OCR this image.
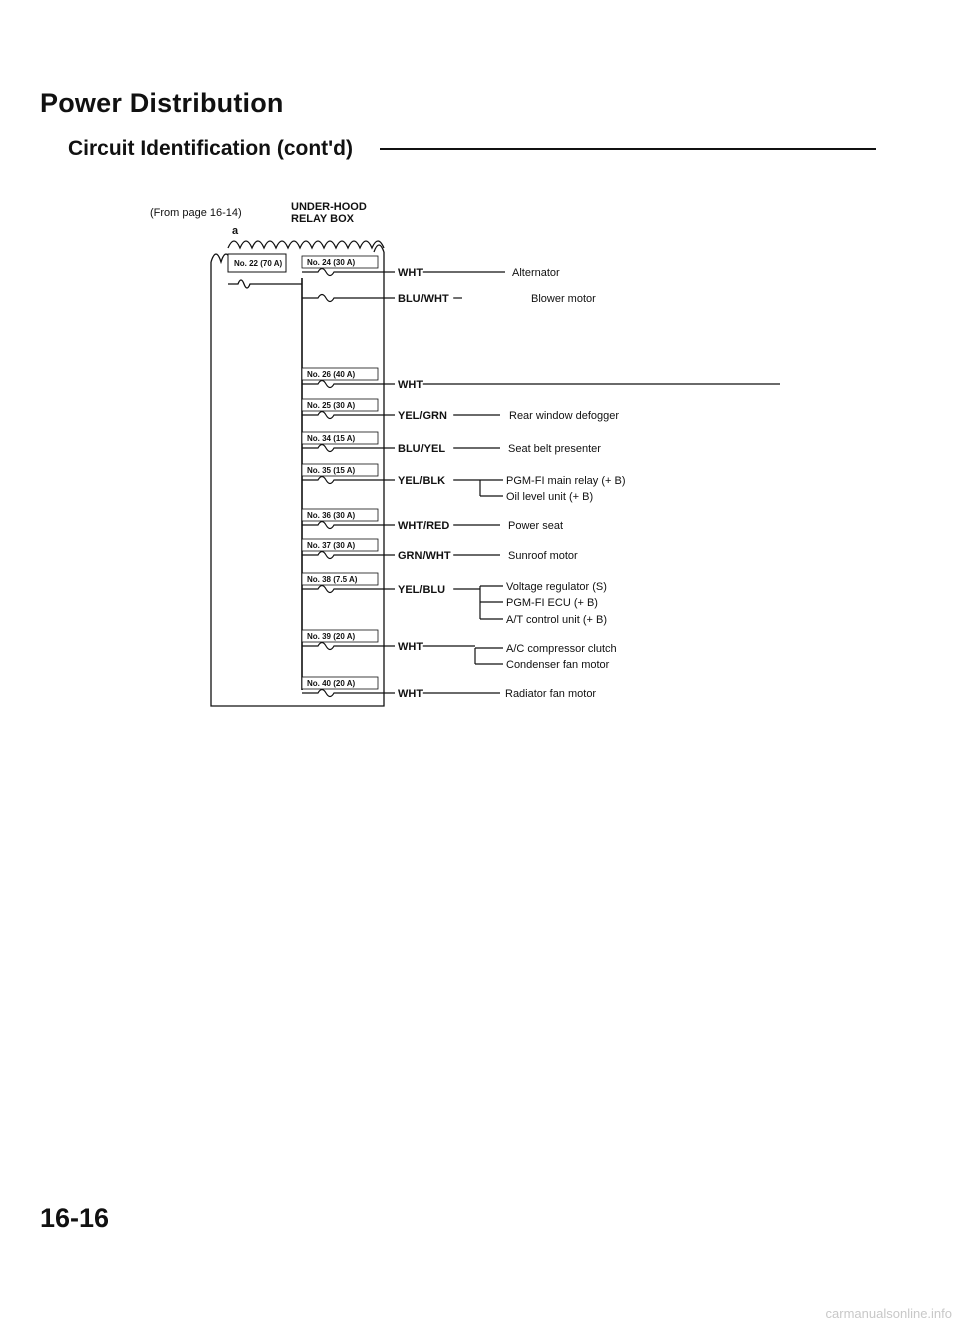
Power Distribution
Circuit Identification (cont'd)
(From page 16-14)	UNDER-HOOD
RELAY BOX
a
No. 22 (70 A)	No. 24 (30 A)
WHT	Alternator
BLU/WHT	Blower motor
No. 26 (40 A)
WHT
No. 25 (30 A)
YEL/GRN	Rear window defogger
No. 34 (15 A)
BLU/YEL	Seat belt presenter
No. 35 (15 A)
YEL/BLK	PGM-FI main relay (+ B)
Oil level unit (+ B)
No. 36 (30 A)
WHT/RED	Power seat
No. 37 (30 A)
GRN/WHT	Sunroof motor
No. 38 (7.5 A)
YEL/BLU	Voltage regulator (S)
PGM-FI ECU (+ B)
A/T control unit (+ B)
No. 39 (20 A)
WHT	A/C compressor clutch
Condenser fan motor
No. 40 (20 A)
WHT	Radiator fan motor
16-16
carmanualsonline.info
